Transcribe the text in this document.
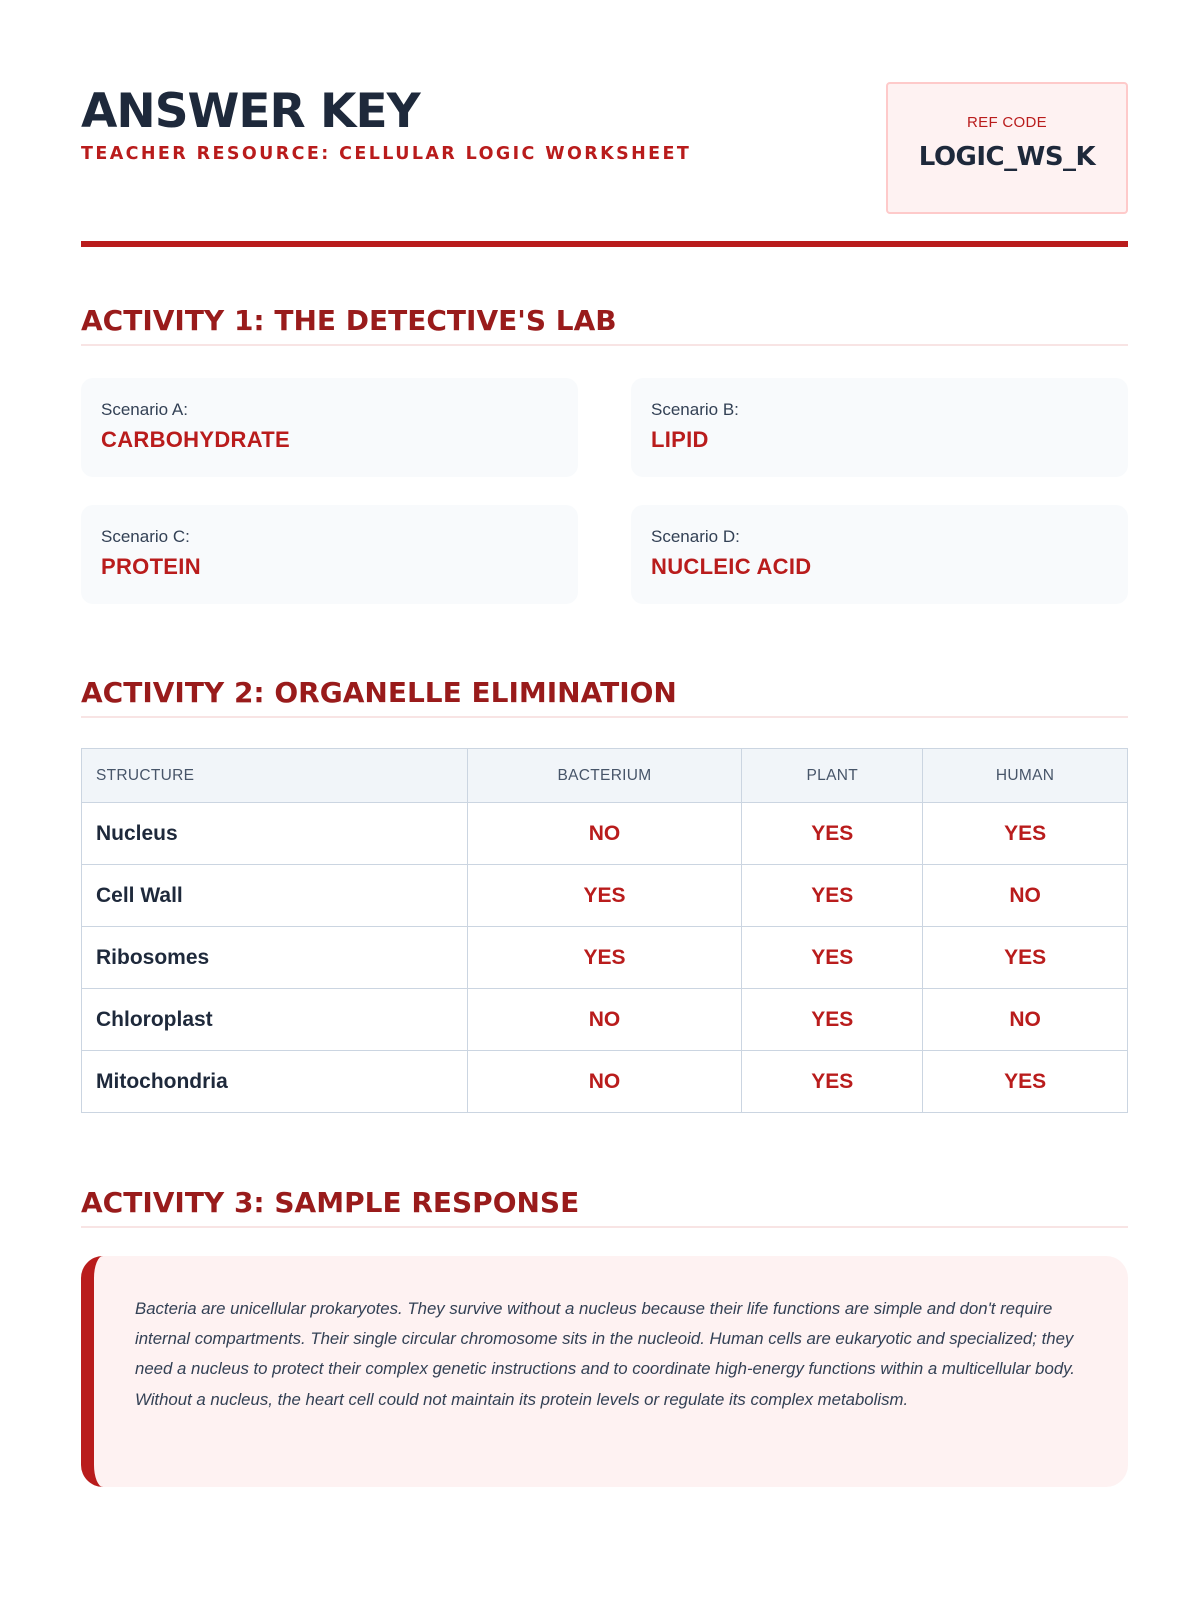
ANSWER KEY
TEACHER RESOURCE: CELLULAR LOGIC WORKSHEET
REF CODE
LOGIC_WS_K
ACTIVITY 1: THE DETECTIVE'S LAB
Scenario A:
CARBOHYDRATE
Scenario B:
LIPID
Scenario C:
PROTEIN
Scenario D:
NUCLEIC ACID
ACTIVITY 2: ORGANELLE ELIMINATION
STRUCTURE	BACTERIUM	PLANT	HUMAN
Nucleus	NO	YES	YES
Cell Wall	YES	YES	NO
Ribosomes	YES	YES	YES
Chloroplast	NO	YES	NO
Mitochondria	NO	YES	YES
ACTIVITY 3: SAMPLE RESPONSE
Bacteria are unicellular prokaryotes. They survive without a nucleus because their life functions are simple and don't require internal compartments. Their single circular chromosome sits in the nucleoid. Human cells are eukaryotic and specialized; they need a nucleus to protect their complex genetic instructions and to coordinate high-energy functions within a multicellular body. Without a nucleus, the heart cell could not maintain its protein levels or regulate its complex metabolism.
